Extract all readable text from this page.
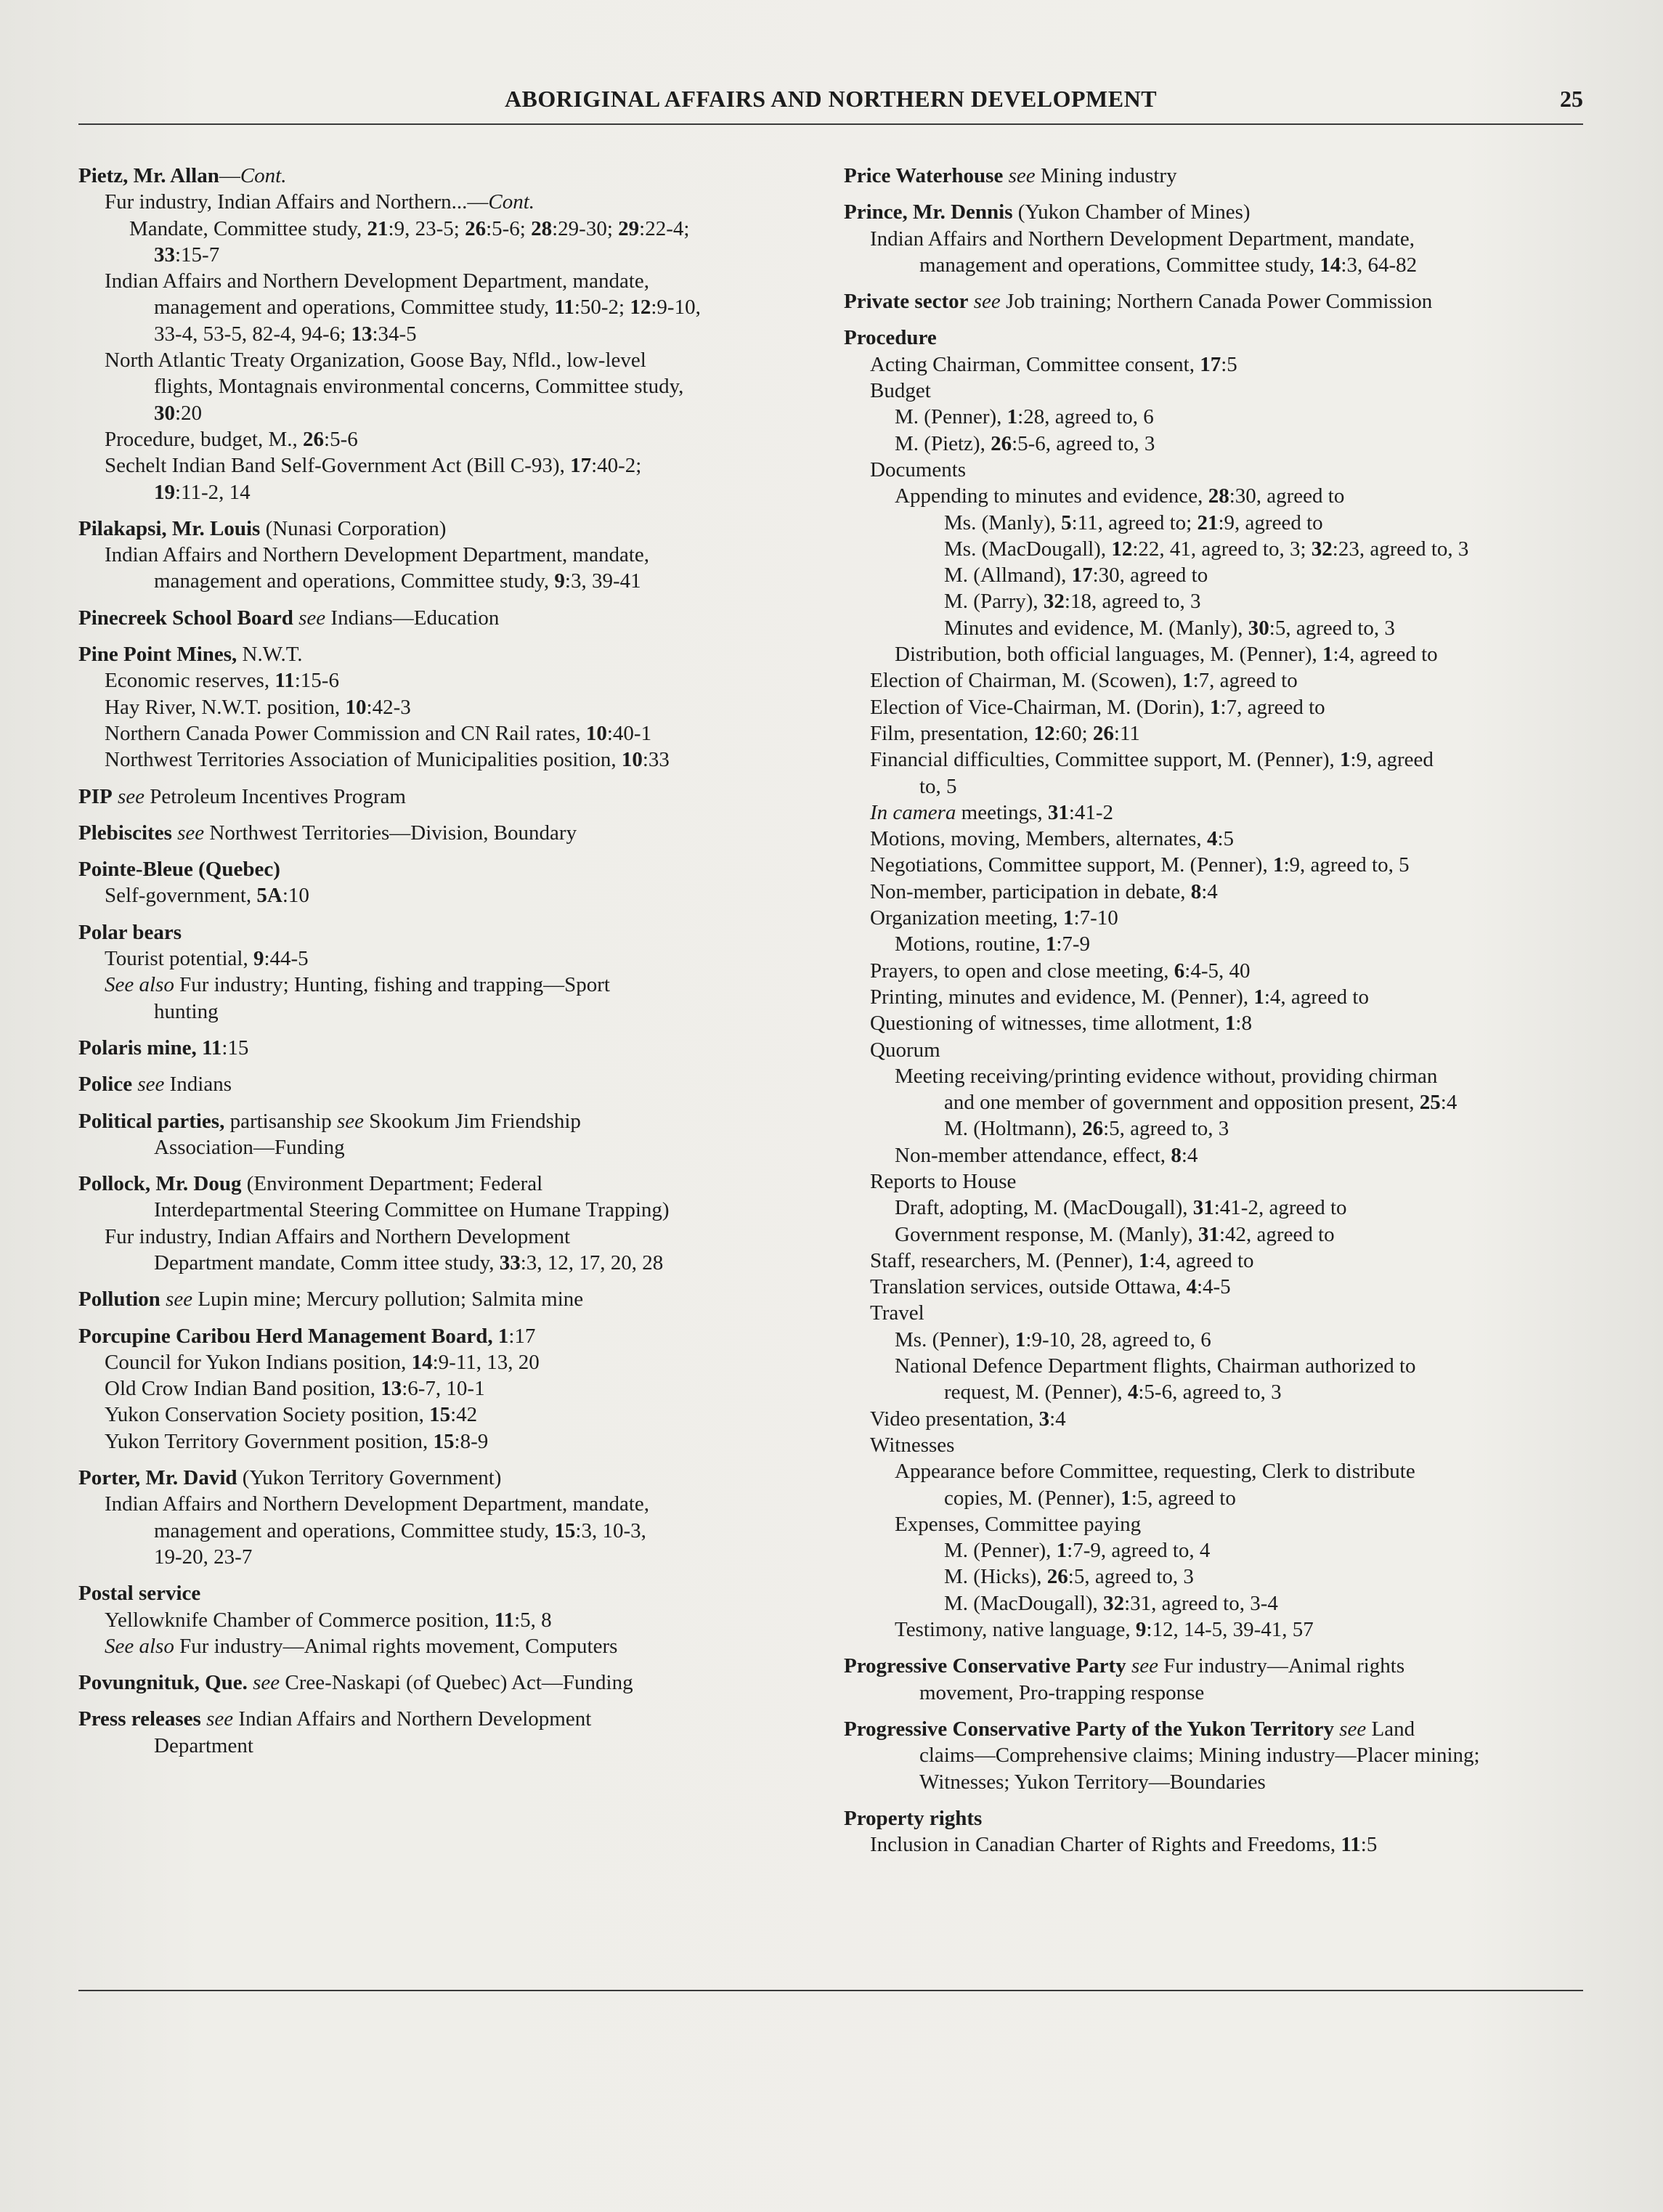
ABORIGINAL AFFAIRS AND NORTHERN DEVELOPMENT	25
Pietz, Mr. Allan—Cont.
Fur industry, Indian Affairs and Northern...—Cont.
Mandate, Committee study, 21:9, 23-5; 26:5-6; 28:29-30; 29:22-4;
33:15-7
Indian Affairs and Northern Development Department, mandate,
management and operations, Committee study, 11:50-2; 12:9-10,
33-4, 53-5, 82-4, 94-6; 13:34-5
North Atlantic Treaty Organization, Goose Bay, Nfld., low-level
flights, Montagnais environmental concerns, Committee study,
30:20
Procedure, budget, M., 26:5-6
Sechelt Indian Band Self-Government Act (Bill C-93), 17:40-2;
19:11-2, 14
Pilakapsi, Mr. Louis (Nunasi Corporation)
Indian Affairs and Northern Development Department, mandate,
management and operations, Committee study, 9:3, 39-41
Pinecreek School Board see Indians—Education
Pine Point Mines, N.W.T.
Economic reserves, 11:15-6
Hay River, N.W.T. position, 10:42-3
Northern Canada Power Commission and CN Rail rates, 10:40-1
Northwest Territories Association of Municipalities position, 10:33
PIP see Petroleum Incentives Program
Plebiscites see Northwest Territories—Division, Boundary
Pointe-Bleue (Quebec)
Self-government, 5A:10
Polar bears
Tourist potential, 9:44-5
See also Fur industry; Hunting, fishing and trapping—Sport
hunting
Polaris mine, 11:15
Police see Indians
Political parties, partisanship see Skookum Jim Friendship
Association—Funding
Pollock, Mr. Doug (Environment Department; Federal
Interdepartmental Steering Committee on Humane Trapping)
Fur industry, Indian Affairs and Northern Development
Department mandate, Comm ittee study, 33:3, 12, 17, 20, 28
Pollution see Lupin mine; Mercury pollution; Salmita mine
Porcupine Caribou Herd Management Board, 1:17
Council for Yukon Indians position, 14:9-11, 13, 20
Old Crow Indian Band position, 13:6-7, 10-1
Yukon Conservation Society position, 15:42
Yukon Territory Government position, 15:8-9
Porter, Mr. David (Yukon Territory Government)
Indian Affairs and Northern Development Department, mandate,
management and operations, Committee study, 15:3, 10-3,
19-20, 23-7
Postal service
Yellowknife Chamber of Commerce position, 11:5, 8
See also Fur industry—Animal rights movement, Computers
Povungnituk, Que. see Cree-Naskapi (of Quebec) Act—Funding
Press releases see Indian Affairs and Northern Development
Department
Price Waterhouse see Mining industry
Prince, Mr. Dennis (Yukon Chamber of Mines)
Indian Affairs and Northern Development Department, mandate,
management and operations, Committee study, 14:3, 64-82
Private sector see Job training; Northern Canada Power Commission
Procedure
Acting Chairman, Committee consent, 17:5
Budget
M. (Penner), 1:28, agreed to, 6
M. (Pietz), 26:5-6, agreed to, 3
Documents
Appending to minutes and evidence, 28:30, agreed to
Ms. (Manly), 5:11, agreed to; 21:9, agreed to
Ms. (MacDougall), 12:22, 41, agreed to, 3; 32:23, agreed to, 3
M. (Allmand), 17:30, agreed to
M. (Parry), 32:18, agreed to, 3
Minutes and evidence, M. (Manly), 30:5, agreed to, 3
Distribution, both official languages, M. (Penner), 1:4, agreed to
Election of Chairman, M. (Scowen), 1:7, agreed to
Election of Vice-Chairman, M. (Dorin), 1:7, agreed to
Film, presentation, 12:60; 26:11
Financial difficulties, Committee support, M. (Penner), 1:9, agreed
to, 5
In camera meetings, 31:41-2
Motions, moving, Members, alternates, 4:5
Negotiations, Committee support, M. (Penner), 1:9, agreed to, 5
Non-member, participation in debate, 8:4
Organization meeting, 1:7-10
Motions, routine, 1:7-9
Prayers, to open and close meeting, 6:4-5, 40
Printing, minutes and evidence, M. (Penner), 1:4, agreed to
Questioning of witnesses, time allotment, 1:8
Quorum
Meeting receiving/printing evidence without, providing chirman
and one member of government and opposition present, 25:4
M. (Holtmann), 26:5, agreed to, 3
Non-member attendance, effect, 8:4
Reports to House
Draft, adopting, M. (MacDougall), 31:41-2, agreed to
Government response, M. (Manly), 31:42, agreed to
Staff, researchers, M. (Penner), 1:4, agreed to
Translation services, outside Ottawa, 4:4-5
Travel
Ms. (Penner), 1:9-10, 28, agreed to, 6
National Defence Department flights, Chairman authorized to
request, M. (Penner), 4:5-6, agreed to, 3
Video presentation, 3:4
Witnesses
Appearance before Committee, requesting, Clerk to distribute
copies, M. (Penner), 1:5, agreed to
Expenses, Committee paying
M. (Penner), 1:7-9, agreed to, 4
M. (Hicks), 26:5, agreed to, 3
M. (MacDougall), 32:31, agreed to, 3-4
Testimony, native language, 9:12, 14-5, 39-41, 57
Progressive Conservative Party see Fur industry—Animal rights
movement, Pro-trapping response
Progressive Conservative Party of the Yukon Territory see Land
claims—Comprehensive claims; Mining industry—Placer mining;
Witnesses; Yukon Territory—Boundaries
Property rights
Inclusion in Canadian Charter of Rights and Freedoms, 11:5
